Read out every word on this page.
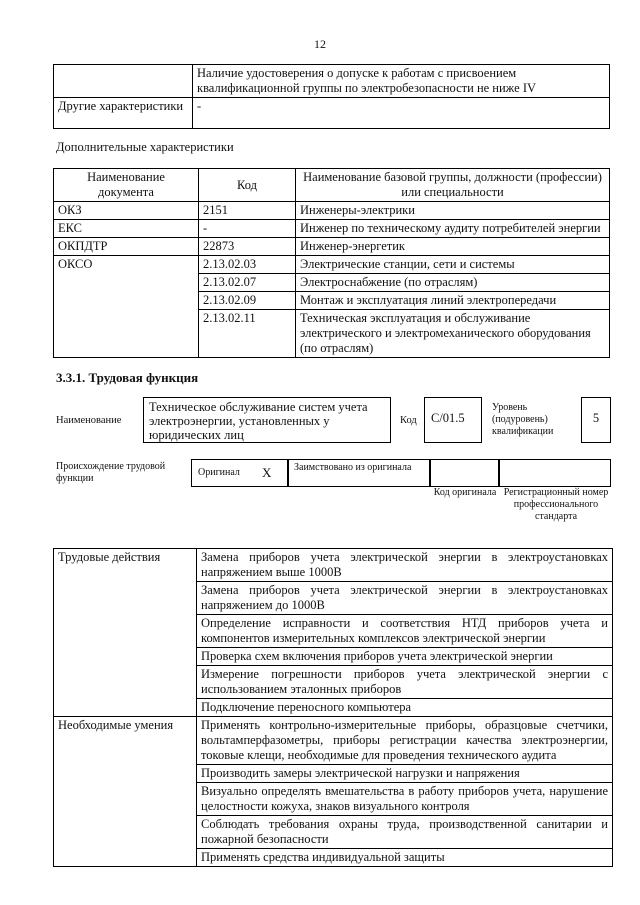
12
	Наличие удостоверения о допуске к работам с присвоением квалификационной группы по электробезопасности не ниже IV
Другие характеристики	-
Дополнительные характеристики
Наименование документа	Код	Наименование базовой группы, должности (профессии) или специальности
ОКЗ	2151	Инженеры-электрики
ЕКС	-	Инженер по техническому аудиту потребителей энергии
ОКПДТР	22873	Инженер-энергетик
ОКСО	2.13.02.03	Электрические станции, сети и системы
	2.13.02.07	Электроснабжение (по отраслям)
	2.13.02.09	Монтаж и эксплуатация линий электропередачи
	2.13.02.11	Техническая эксплуатация и обслуживание электрического и электромеханического оборудования (по отраслям)
3.3.1. Трудовая функция
Наименование
Техническое обслуживание систем учета электроэнергии, установленных у юридических лиц
Код	C/01.5
Уровень (подуровень) квалификации
5
Происхождение трудовой функции
Оригинал X	Заимствовано из оригинала
Код оригинала Регистрационный номер профессионального стандарта
Трудовые действия	Замена приборов учета электрической энергии в электроустановках напряжением выше 1000В
	Замена приборов учета электрической энергии в электроустановках напряжением до 1000В
	Определение исправности и соответствия НТД приборов учета и компонентов измерительных комплексов электрической энергии
	Проверка схем включения приборов учета электрической энергии
	Измерение погрешности приборов учета электрической энергии с использованием эталонных приборов
	Подключение переносного компьютера
Необходимые умения	Применять контрольно-измерительные приборы, образцовые счетчики, вольтамперфазометры, приборы регистрации качества электроэнергии, токовые клещи, необходимые для проведения технического аудита
	Производить замеры электрической нагрузки и напряжения
	Визуально определять вмешательства в работу приборов учета, нарушение целостности кожуха, знаков визуального контроля
	Соблюдать требования охраны труда, производственной санитарии и пожарной безопасности
	Применять средства индивидуальной защиты
